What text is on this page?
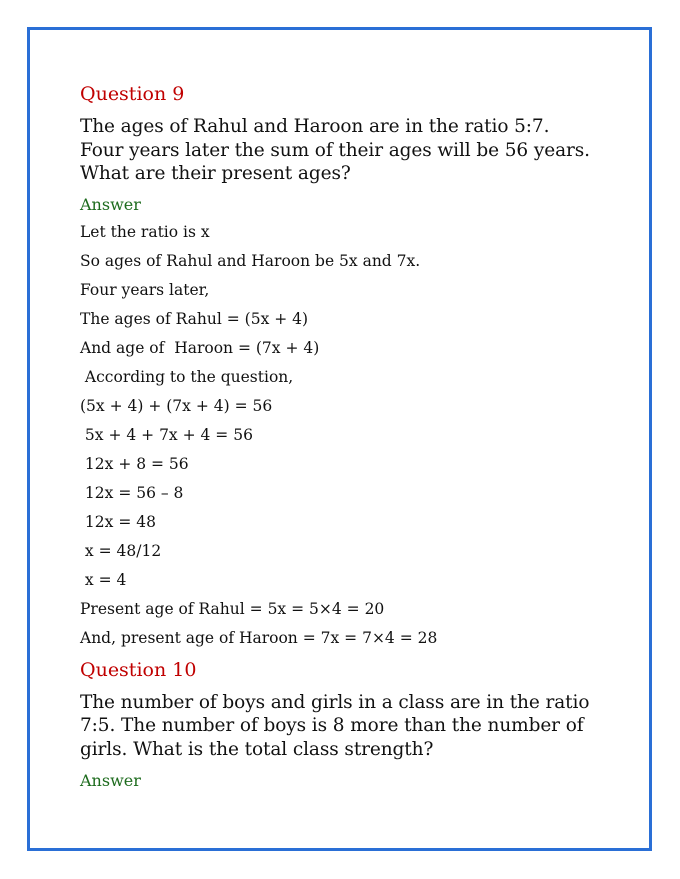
Question 9

The ages of Rahul and Haroon are in the ratio 5:7. Four years later the sum of their ages will be 56 years. What are their present ages?

Answer

Let the ratio is x

So ages of Rahul and Haroon be 5x and 7x.

Four years later,

The ages of Rahul = (5x + 4)

And age of  Haroon = (7x + 4)

According to the question,

(5x + 4) + (7x + 4) = 56

5x + 4 + 7x + 4 = 56

12x + 8 = 56

12x = 56 – 8

12x = 48

x = 48/12

x = 4

Present age of Rahul = 5x = 5×4 = 20

And, present age of Haroon = 7x = 7×4 = 28

Question 10

The number of boys and girls in a class are in the ratio 7:5. The number of boys is 8 more than the number of girls. What is the total class strength?

Answer
